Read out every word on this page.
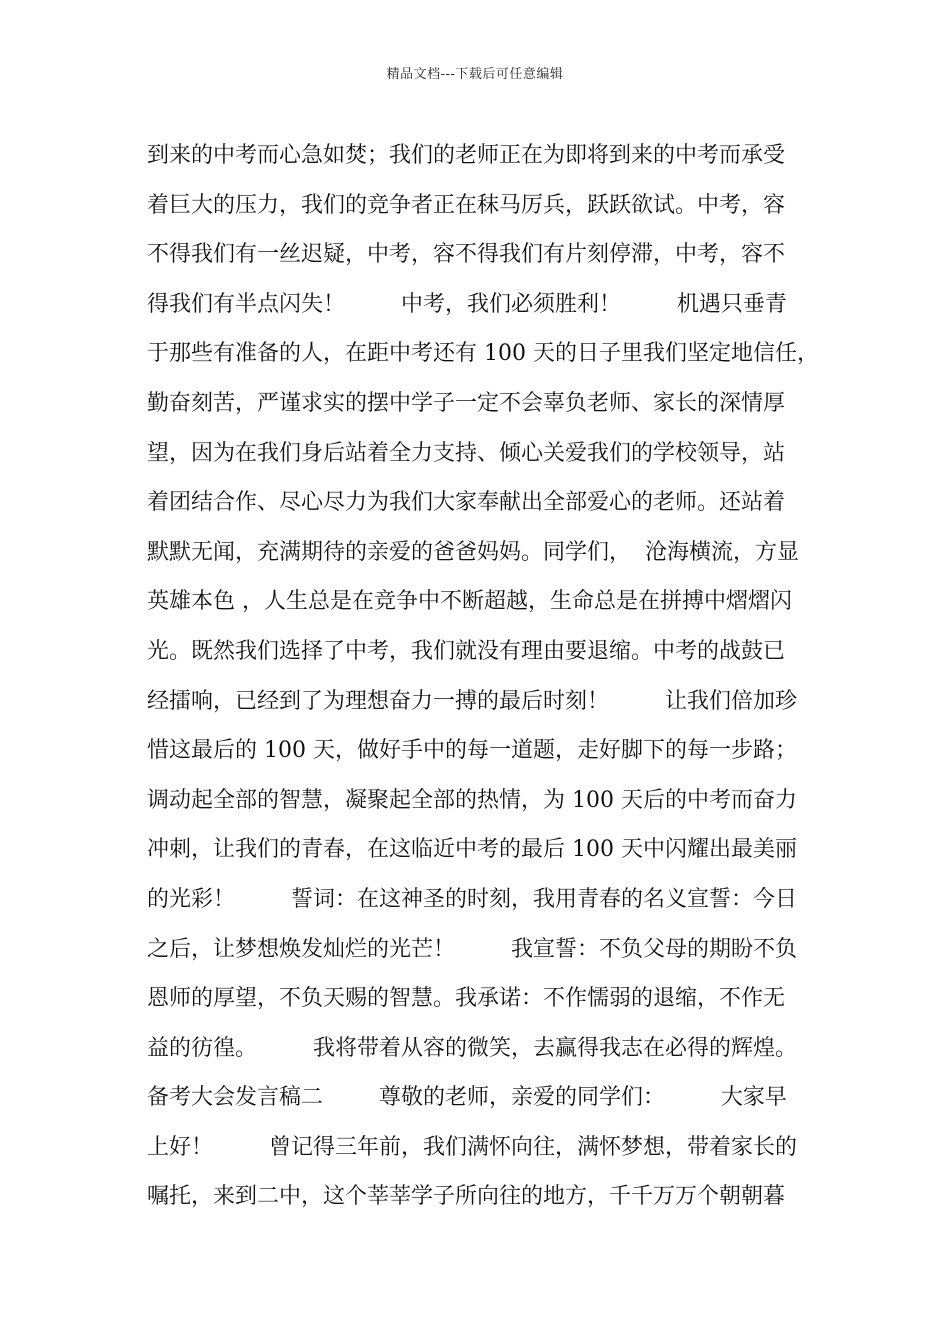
精品文档---下载后可任意编辑
到来的中考而心急如焚；我们的老师正在为即将到来的中考而承受
着巨大的压力，我们的竞争者正在秣马厉兵，跃跃欲试。中考，容
不得我们有一丝迟疑，中考，容不得我们有片刻停滞，中考，容不
得我们有半点闪失！        中考，我们必须胜利！        机遇只垂青
于那些有准备的人，在距中考还有 100 天的日子里我们坚定地信任，
勤奋刻苦，严谨求实的摆中学子一定不会辜负老师、家长的深情厚
望，因为在我们身后站着全力支持、倾心关爱我们的学校领导，站
着团结合作、尽心尽力为我们大家奉献出全部爱心的老师。还站着
默默无闻，充满期待的亲爱的爸爸妈妈。同学们，  沧海横流，方显
英雄本色 ，人生总是在竞争中不断超越，生命总是在拼搏中熠熠闪
光。既然我们选择了中考，我们就没有理由要退缩。中考的战鼓已
经擂响，已经到了为理想奋力一搏的最后时刻！        让我们倍加珍
惜这最后的 100 天，做好手中的每一道题，走好脚下的每一步路；
调动起全部的智慧，凝聚起全部的热情，为 100 天后的中考而奋力
冲刺，让我们的青春，在这临近中考的最后 100 天中闪耀出最美丽
的光彩！        誓词：在这神圣的时刻，我用青春的名义宣誓：今日
之后，让梦想焕发灿烂的光芒！        我宣誓：不负父母的期盼不负
恩师的厚望，不负天赐的智慧。我承诺：不作懦弱的退缩，不作无
益的彷徨。        我将带着从容的微笑，去赢得我志在必得的辉煌。
备考大会发言稿二        尊敬的老师，亲爱的同学们：        大家早
上好！        曾记得三年前，我们满怀向往，满怀梦想，带着家长的
嘱托，来到二中，这个莘莘学子所向往的地方，千千万万个朝朝暮
